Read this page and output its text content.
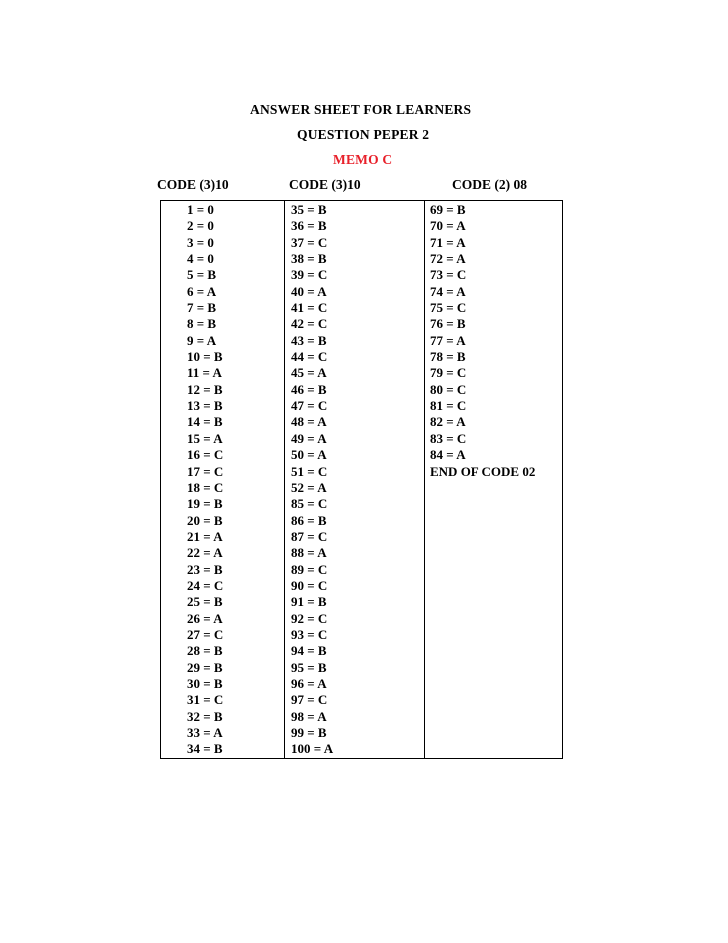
ANSWER SHEET FOR LEARNERS
QUESTION PEPER 2
MEMO C
CODE (3)10	CODE (3)10	CODE (2) 08
1 = 0
2 = 0
3 = 0
4 = 0
5 = B
6 = A
7 = B
8 = B
9 = A
10 = B
11 = A
12 = B
13 = B
14 = B
15 = A
16 = C
17 = C
18 = C
19 = B
20 = B
21 = A
22 = A
23 = B
24 = C
25 = B
26 = A
27 = C
28 = B
29 = B
30 = B
31 = C
32 = B
33 = A
34 = B
35 = B
36 = B
37 = C
38 = B
39 = C
40 = A
41 = C
42 = C
43 = B
44 = C
45 = A
46 = B
47 = C
48 = A
49 = A
50 = A
51 = C
52 = A
85 = C
86 = B
87 = C
88 = A
89 = C
90 = C
91 = B
92 = C
93 = C
94 = B
95 = B
96 = A
97 = C
98 = A
99 = B
100 = A
69 = B
70 = A
71 = A
72 = A
73 = C
74 = A
75 = C
76 = B
77 = A
78 = B
79 = C
80 = C
81 = C
82 = A
83 = C
84 = A
END OF CODE 02
